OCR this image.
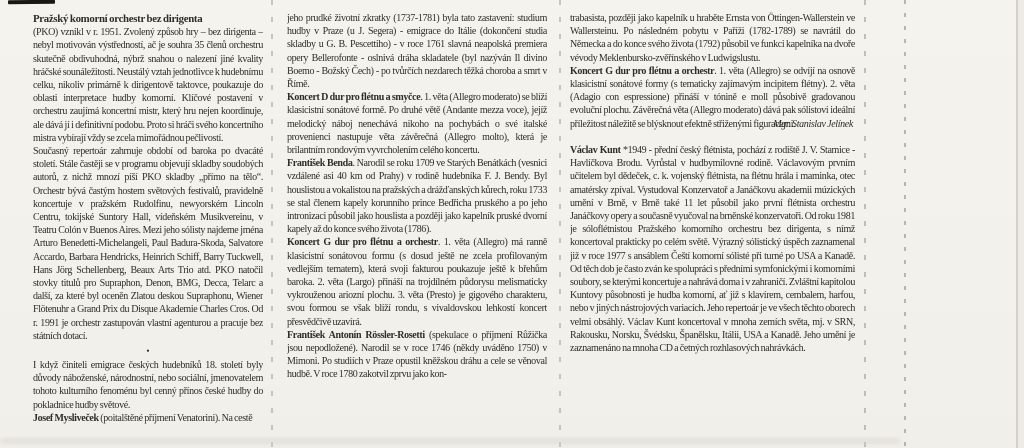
Pražský komorní orchestr bez dirigenta

(PKO) vznikl v r. 1951. Zvolený způsob hry – bez dirigenta – nebyl motivován výstředností, ač je souhra 35 členů orchestru skutečně obdivuhodná, nýbrž snahou o nalezení jiné kvality hráčské sounáležitosti. Neustálý vztah jednotlivce k hudebnímu celku, nikoliv primárně k dirigentově taktovce, poukazuje do oblasti interpretace hudby komorní. Klíčové postavení v orchestru zaujímá koncertní mistr, který hru nejen koordinuje, ale dává jí i definitivní podobu. Proto si hráči svého koncertního mistra vybírají vždy se zcela mimořádnou pečlivostí.

Současný repertoár zahrnuje období od baroka po dvacáté století. Stále častěji se v programu objevují skladby soudobých autorů, z nichž mnozí píší PKO skladby „přímo na tělo“. Orchestr bývá častým hostem světových festivalů, pravidelně koncertuje v pražském Rudolfinu, newyorském Lincoln Centru, tokijské Suntory Hall, vídeňském Musikvereinu, v Teatru Colón v Buenos Aires. Mezi jeho sólisty najdeme jména Arturo Benedetti-Michelangeli, Paul Badura-Skoda, Salvatore Accardo, Barbara Hendricks, Heinrich Schiff, Barry Tuckwell, Hans Jörg Schellenberg, Beaux Arts Trio atd. PKO natočil stovky titulů pro Supraphon, Denon, BMG, Decca, Telarc a další, za které byl oceněn Zlatou deskou Supraphonu, Wiener Flötenuhr a Grand Prix du Disque Akademie Charles Cros. Od r. 1991 je orchestr zastupován vlastní agenturou a pracuje bez státních dotací.

•

I když činiteli emigrace českých hudebníků 18. století byly důvody náboženské, národnostní, nebo sociální, jmenovatelem tohoto kulturního fenoménu byl cenný přínos české hudby do pokladnice hudby světové.

Josef Mysliveček (poitalštěné příjmení Venatorini). Na cestě

jeho prudké životní zkratky (1737-1781) byla tato zastavení: studium hudby v Praze (u J. Segera) - emigrace do Itálie (dokončení studia skladby u G. B. Pescettiho) - v roce 1761 slavná neapolská premiera opery Bellerofonte - oslnivá dráha skladatele (byl nazýván Il divino Boemo - Božský Čech) - po tvůrčích nezdarech těžká choroba a smrt v Římě.

Koncert D dur pro flétnu a smyčce. 1. věta (Allegro moderato) se blíží klasicistní sonátové formě. Po druhé větě (Andante mezza voce), jejíž melodický náboj nenechává nikoho na pochybách o své italské provenienci nastupuje věta závěrečná (Allegro molto), která je brilantním rondovým vyvrcholením celého koncertu.

František Benda. Narodil se roku 1709 ve Starých Benátkách (vesnici vzdálené asi 40 km od Prahy) v rodině hudebníka F. J. Bendy. Byl houslistou a vokalistou na pražských a drážďanských kůrech, roku 1733 se stal členem kapely korunního prince Bedřicha pruského a po jeho intronizaci působil jako houslista a později jako kapelník pruské dvorní kapely až do konce svého života (1786).

Koncert G dur pro flétnu a orchestr. 1. věta (Allegro) má ranně klasicistní sonátovou formu (s dosud ještě ne zcela profilovaným vedlejším tematem), která svoji fakturou poukazuje ještě k břehům baroka. 2. věta (Largo) přináší na trojdílném půdorysu melismaticky vykrouženou ariozní plochu. 3. věta (Presto) je gigového charakteru, svou formou se však blíží rondu, s vivaldovskou lehkostí koncert přesvědčivě uzavírá.

František Antonín Rössler-Rosetti (spekulace o příjmení Růžička jsou nepodložené). Narodil se v roce 1746 (někdy uváděno 1750) v Mimoni. Po studiích v Praze opustil kněžskou dráhu a cele se věnoval hudbě. V roce 1780 zakotvil zprvu jako kon-

trabasista, později jako kapelník u hraběte Ernsta von Öttingen-Wallerstein ve Wallersteinu. Po následném pobytu v Paříži (1782-1789) se navrátil do Německa a do konce svého života (1792) působil ve funkci kapelníka na dvoře vévody Meklenbursko-zvěřínského v Ludwigslustu.

Koncert G dur pro flétnu a orchestr. 1. věta (Allegro) se odvíjí na osnově klasicistní sonátové formy (s tematicky zajímavým incipitem flétny). 2. věta (Adagio con espressione) přináší v tónině e moll působivě gradovanou evoluční plochu. Závěrečná věta (Allegro moderato) dává pak sólistovi ideální příležitost náležitě se blýsknout efektně střiženými figuracemi.

Mgr. Stanislav Jelínek

Václav Kunt *1949 - přední český flétnista, pochází z rodiště J. V. Stamice - Havlíčkova Brodu. Vyrůstal v hudbymilovné rodině. Václavovým prvním učitelem byl dědeček, c. k. vojenský flétnista, na flétnu hrála i maminka, otec amatérsky zpíval. Vystudoval Konzervatoř a Janáčkovu akademii múzických umění v Brně, v Brně také 11 let působil jako první flétnista orchestru Janáčkovy opery a současně vyučoval na brněnské konzervatoři. Od roku 1981 je sóloflétnistou Pražského komorního orchestru bez dirigenta, s nímž koncertoval prakticky po celém světě. Výrazný sólistický úspěch zaznamenal již v roce 1977 s ansáblem Čeští komorní sólisté při turné po USA a Kanadě. Od těch dob je často zván ke spolupráci s předními symfonickými i komorními soubory, se kterými koncertuje a nahrává doma i v zahraničí. Zvláštní kapitolou Kuntovy působnosti je hudba komorní, ať již s klavírem, cembalem, harfou, nebo v jiných nástrojových variacích. Jeho repertoár je ve všech těchto oborech velmi obsáhlý. Václav Kunt koncertoval v mnoha zemích světa, mj. v SRN, Rakousku, Norsku, Švédsku, Španělsku, Itálii, USA a Kanadě. Jeho umění je zaznamenáno na mnoha CD a četných rozhlasových nahrávkách.
